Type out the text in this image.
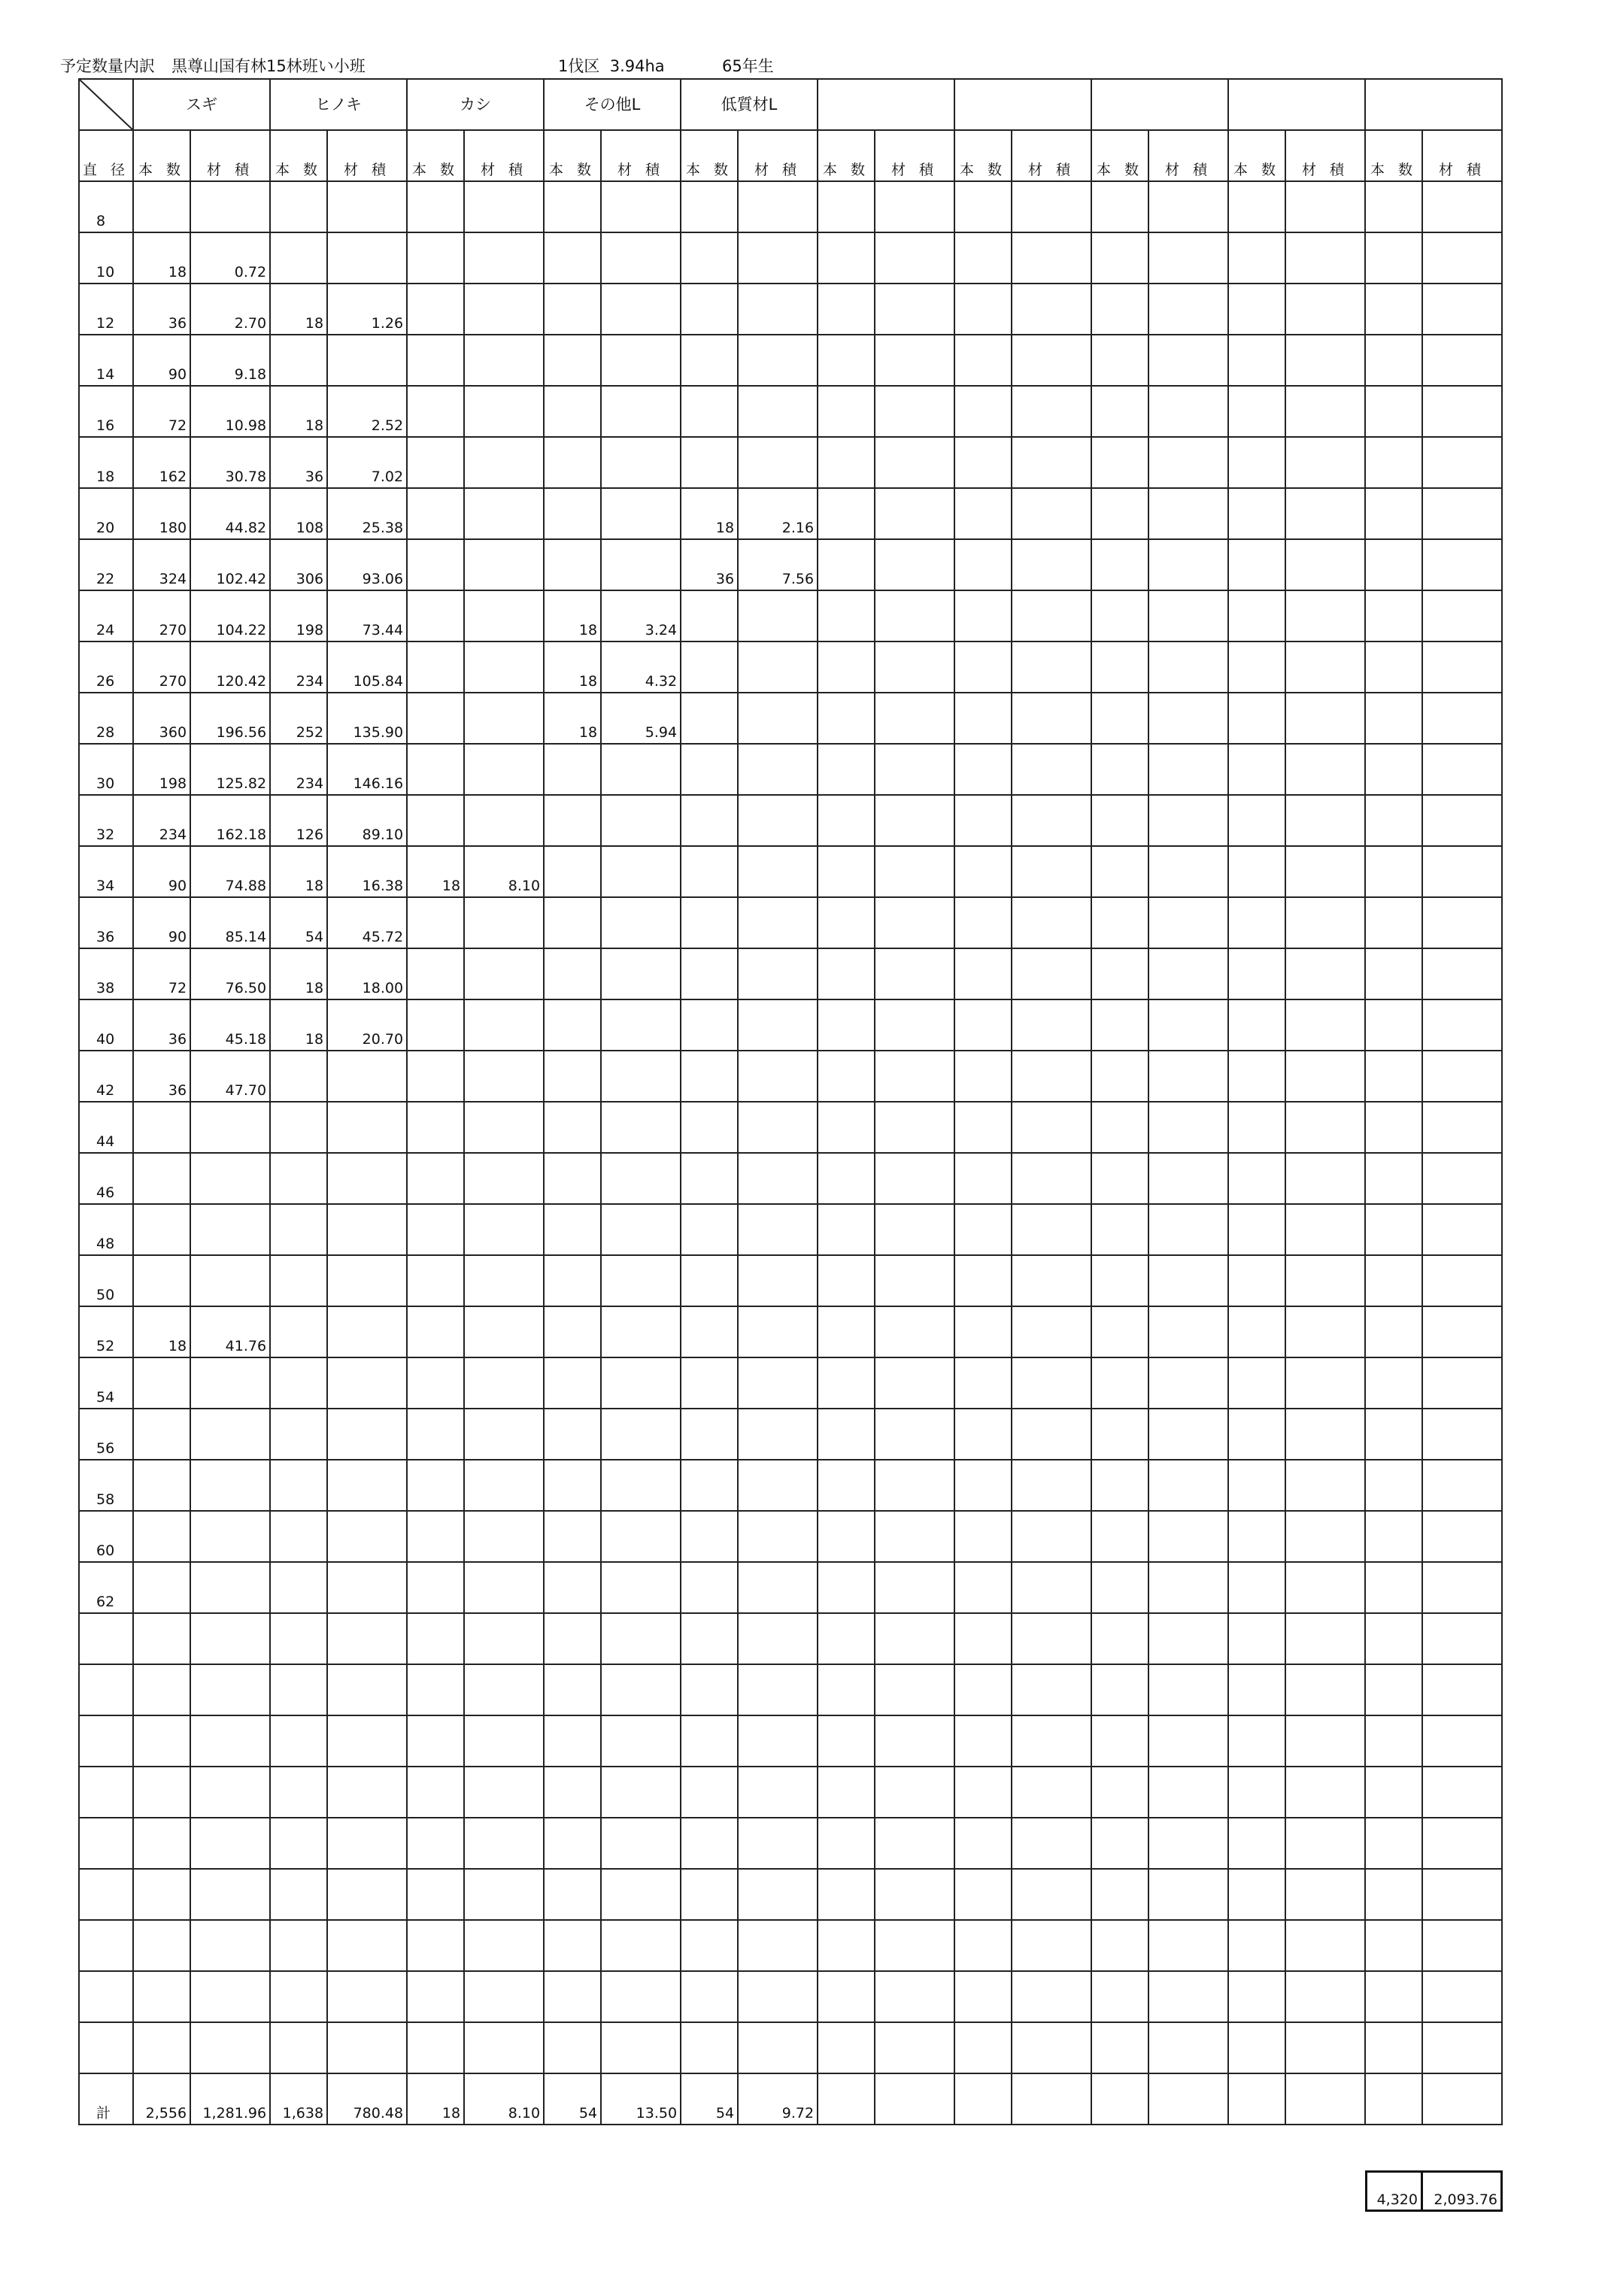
予定数量内訳 黒尊山国有林15林班い小班	1伐区  3.94ha	65年生
	スギ		ヒノキ		カシ		その他L		低質材L											
直 径	本 数	材 積	本 数	材 積	本 数	材 積	本 数	材 積	本 数	材 積	本 数	材 積	本 数	材 積	本 数	材 積	本 数	材 積	本 数	材 積
8																				
10	18	0.72																		
12	36	2.70	18	1.26																
14	90	9.18																		
16	72	10.98	18	2.52																
18	162	30.78	36	7.02																
20	180	44.82	108	25.38					18	2.16										
22	324	102.42	306	93.06					36	7.56										
24	270	104.22	198	73.44			18	3.24												
26	270	120.42	234	105.84			18	4.32												
28	360	196.56	252	135.90			18	5.94												
30	198	125.82	234	146.16																
32	234	162.18	126	89.10																
34	90	74.88	18	16.38	18	8.10														
36	90	85.14	54	45.72																
38	72	76.50	18	18.00																
40	36	45.18	18	20.70																
42	36	47.70																		
44																				
46																				
48																				
50																				
52	18	41.76																		
54																				
56																				
58																				
60																				
62																				

計	2,556	1,281.96	1,638	780.48	18	8.10	54	13.50	54	9.72										
4,320	2,093.76
